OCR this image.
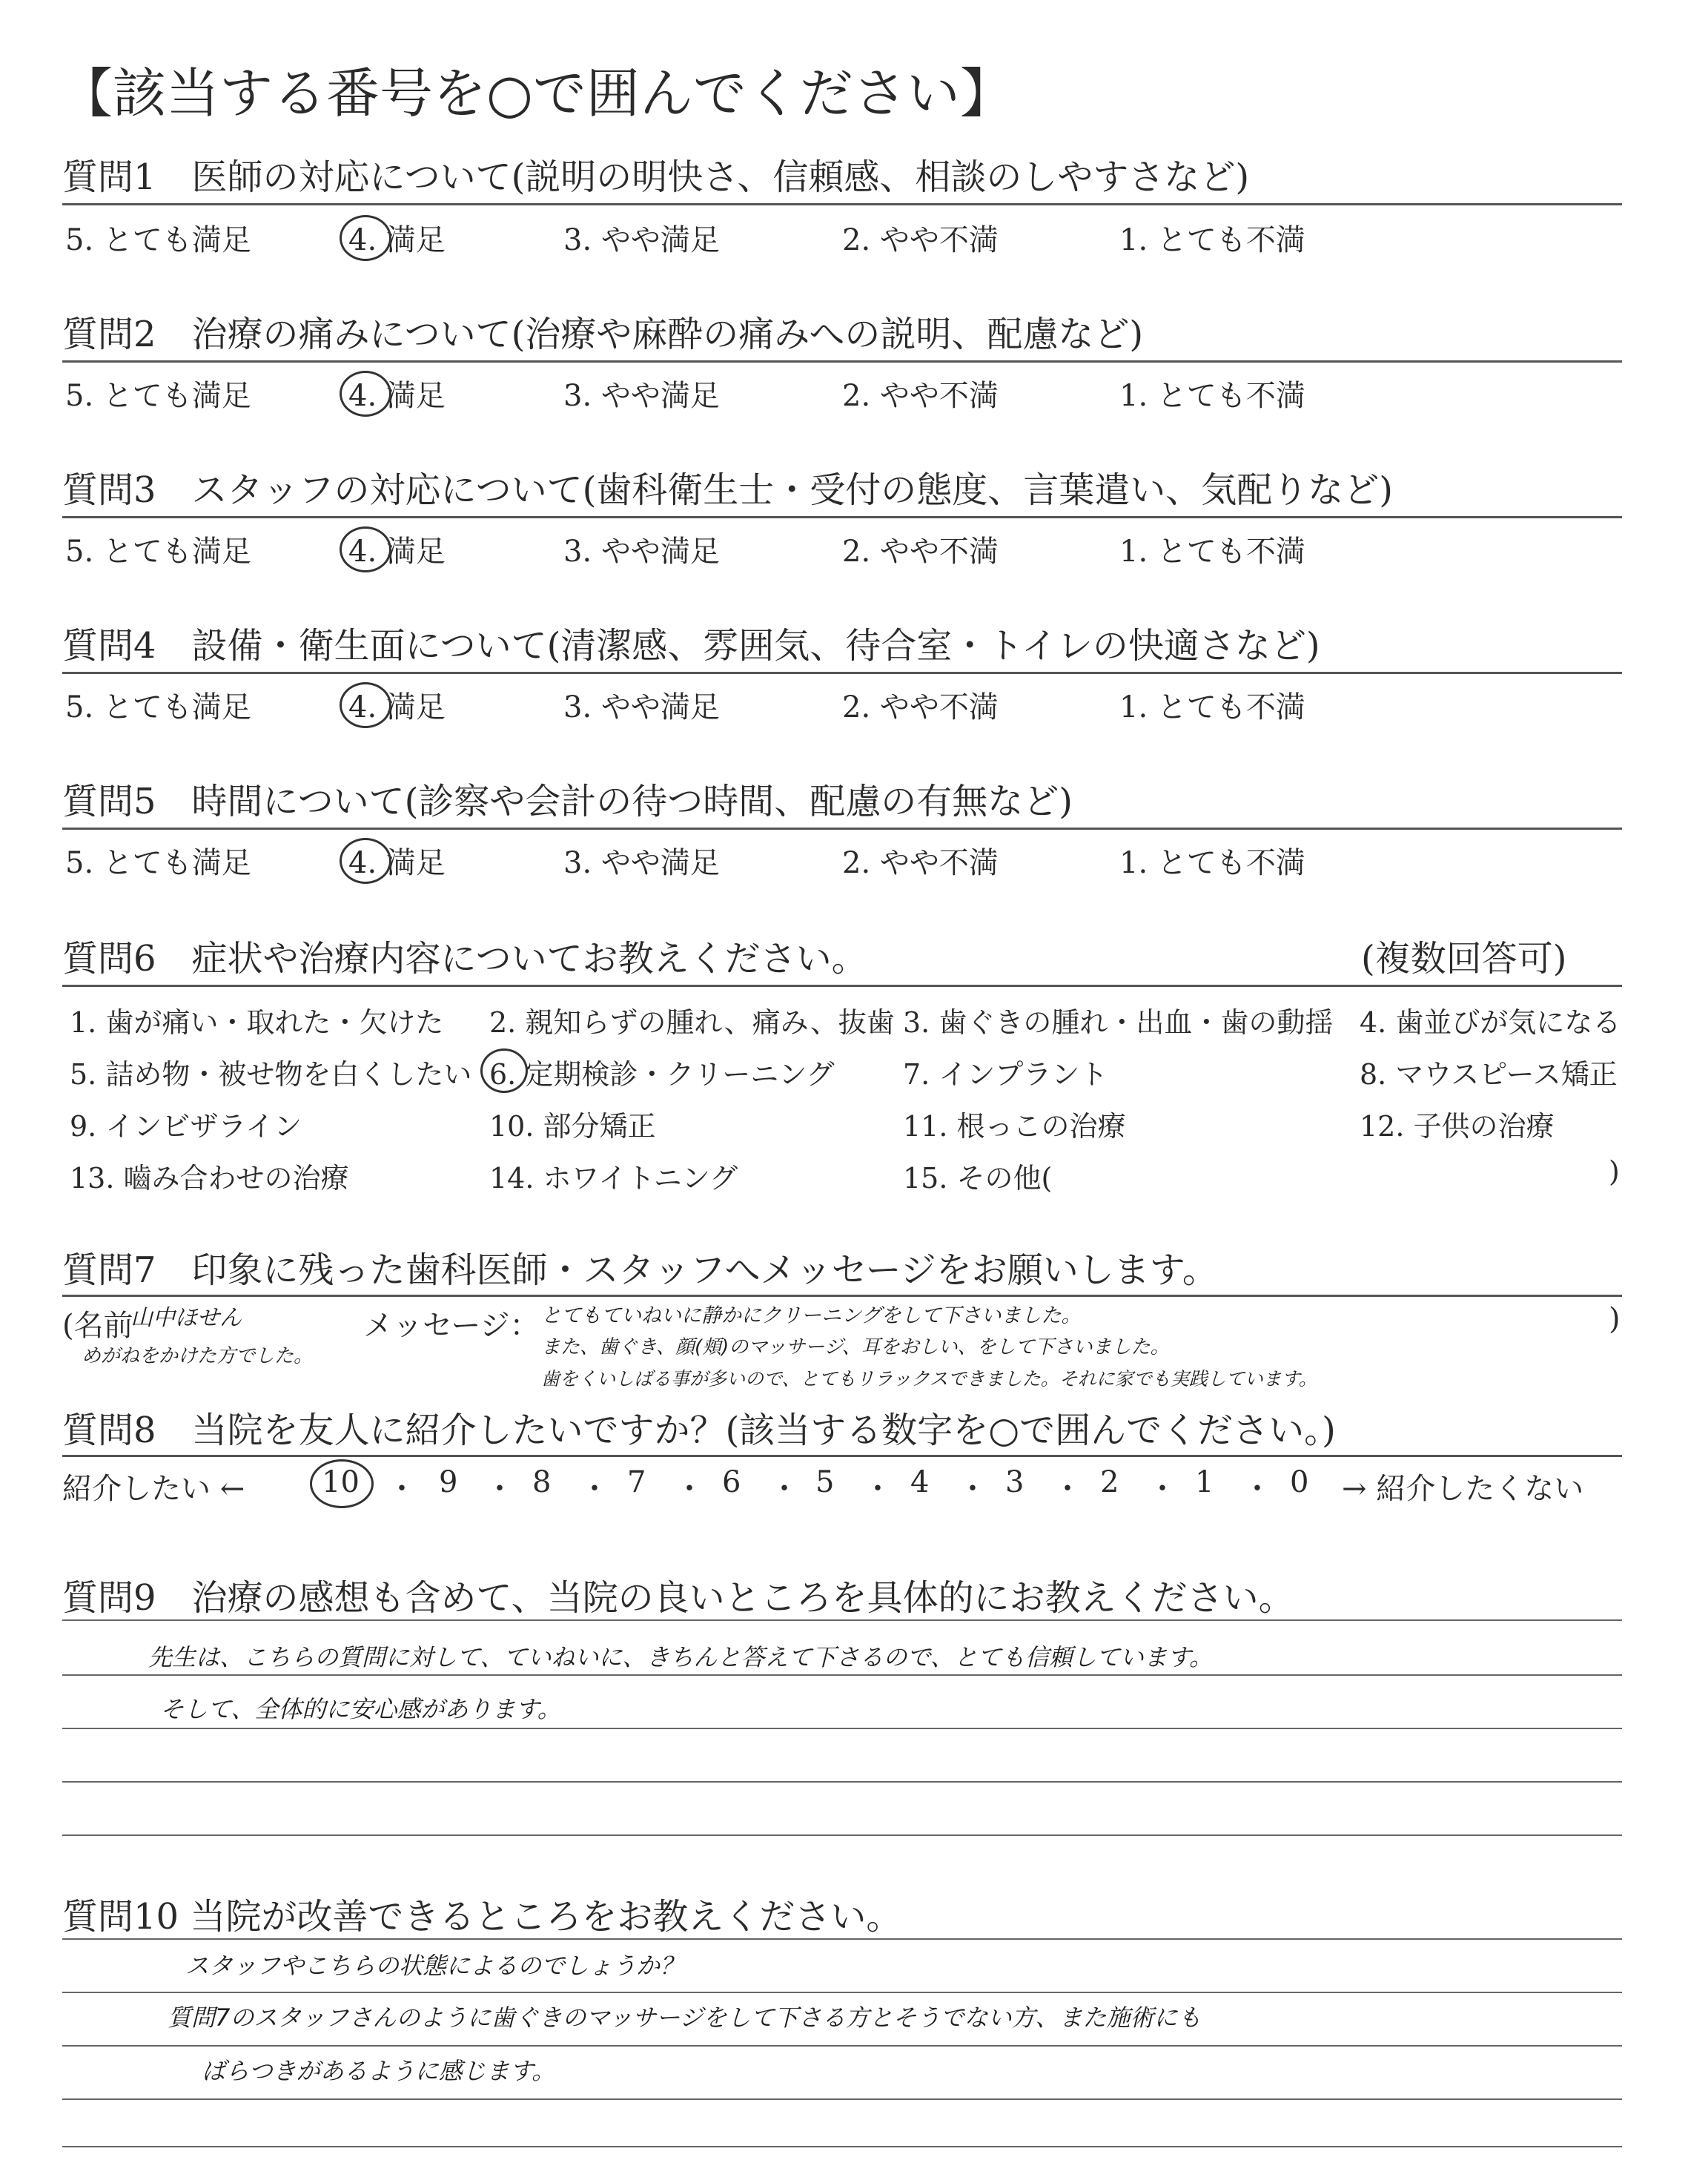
【該当する番号を○で囲んでください】
質問1　医師の対応について(説明の明快さ、信頼感、相談のしやすさなど)
5. とても満足	4. 満足	3. やや満足	2. やや不満	1. とても不満
質問2　治療の痛みについて(治療や麻酔の痛みへの説明、配慮など)
5. とても満足	4. 満足	3. やや満足	2. やや不満	1. とても不満
質問3　スタッフの対応について(歯科衛生士・受付の態度、言葉遣い、気配りなど)
5. とても満足	4. 満足	3. やや満足	2. やや不満	1. とても不満
質問4　設備・衛生面について(清潔感、雰囲気、待合室・トイレの快適さなど)
5. とても満足	4. 満足	3. やや満足	2. やや不満	1. とても不満
質問5　時間について(診察や会計の待つ時間、配慮の有無など)
5. とても満足	4. 満足	3. やや満足	2. やや不満	1. とても不満
質問6　症状や治療内容についてお教えください。	(複数回答可)
1. 歯が痛い・取れた・欠けた 2. 親知らずの腫れ、痛み、抜歯 3. 歯ぐきの腫れ・出血・歯の動揺 4. 歯並びが気になる
5. 詰め物・被せ物を白くしたい 6. 定期検診・クリーニング 7. インプラント	8. マウスピース矯正
9. インビザライン	10. 部分矯正	11. 根っこの治療	12. 子供の治療
13. 嚙み合わせの治療	14. ホワイトニング	15. その他(	)
質問7　印象に残った歯科医師・スタッフへメッセージをお願いします。
(名前
山中ほせん
めがねをかけた方でした。
メッセージ： とてもていねいに静かにクリーニングをして下さいました。
また、歯ぐき、顔(頬)のマッサージ、耳をおしい、をして下さいました。
歯をくいしばる事が多いので、とてもリラックスできました。それに家でも実践しています。
)
質問8　当院を友人に紹介したいですか？(該当する数字を○で囲んでください。)
紹介したい ←	10 ・ 9 ・ 8 ・ 7 ・ 6 ・ 5 ・ 4 ・ 3 ・ 2 ・ 1 ・ 0 → 紹介したくない
質問9　治療の感想も含めて、当院の良いところを具体的にお教えください。
先生は、こちらの質問に対して、ていねいに、きちんと答えて下さるので、とても信頼しています。
そして、全体的に安心感があります。
質問10 当院が改善できるところをお教えください。
スタッフやこちらの状態によるのでしょうか？
質問7のスタッフさんのように歯ぐきのマッサージをして下さる方とそうでない方、また施術にも
ばらつきがあるように感じます。
